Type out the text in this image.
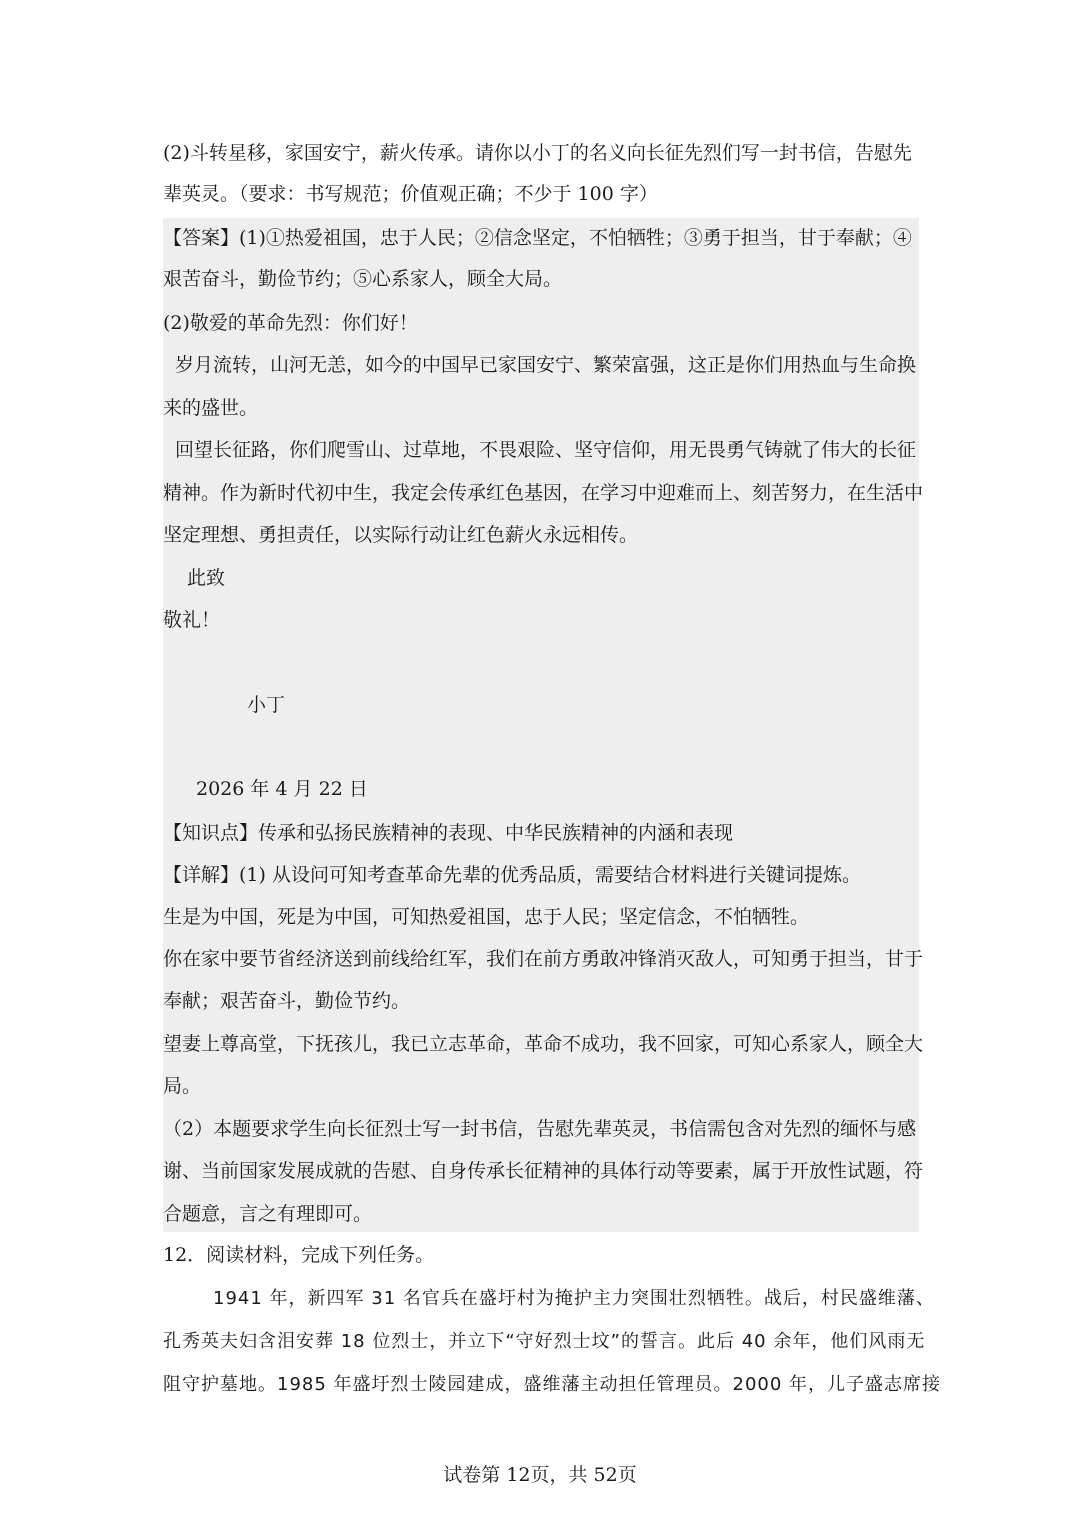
(2)斗转星移，家国安宁，薪火传承。请你以小丁的名义向长征先烈们写一封书信，告慰先
辈英灵。（要求：书写规范；价值观正确；不少于 100 字）
【答案】(1)①热爱祖国，忠于人民；②信念坚定，不怕牺牲；③勇于担当，甘于奉献；④
艰苦奋斗，勤俭节约；⑤心系家人，顾全大局。
(2)敬爱的革命先烈：你们好！
岁月流转，山河无恙，如今的中国早已家国安宁、繁荣富强，这正是你们用热血与生命换
来的盛世。
回望长征路，你们爬雪山、过草地，不畏艰险、坚守信仰，用无畏勇气铸就了伟大的长征
精神。作为新时代初中生，我定会传承红色基因，在学习中迎难而上、刻苦努力，在生活中
坚定理想、勇担责任，以实际行动让红色薪火永远相传。
此致
敬礼！
小丁
2026 年 4 月 22 日
【知识点】传承和弘扬民族精神的表现、中华民族精神的内涵和表现
【详解】(1) 从设问可知考查革命先辈的优秀品质，需要结合材料进行关键词提炼。
生是为中国，死是为中国，可知热爱祖国，忠于人民；坚定信念，不怕牺牲。
你在家中要节省经济送到前线给红军，我们在前方勇敢冲锋消灭敌人，可知勇于担当，甘于
奉献；艰苦奋斗，勤俭节约。
望妻上尊高堂，下抚孩儿，我已立志革命，革命不成功，我不回家，可知心系家人，顾全大
局。
（2）本题要求学生向长征烈士写一封书信，告慰先辈英灵，书信需包含对先烈的缅怀与感
谢、当前国家发展成就的告慰、自身传承长征精神的具体行动等要素，属于开放性试题，符
合题意，言之有理即可。
12．阅读材料，完成下列任务。
1941 年，新四军 31 名官兵在盛圩村为掩护主力突围壮烈牺牲。战后，村民盛维藩、
孔秀英夫妇含泪安葬 18 位烈士，并立下“守好烈士坟”的誓言。此后 40 余年，他们风雨无
阻守护墓地。1985 年盛圩烈士陵园建成，盛维藩主动担任管理员。2000 年，儿子盛志席接
试卷第 12页，共 52页
